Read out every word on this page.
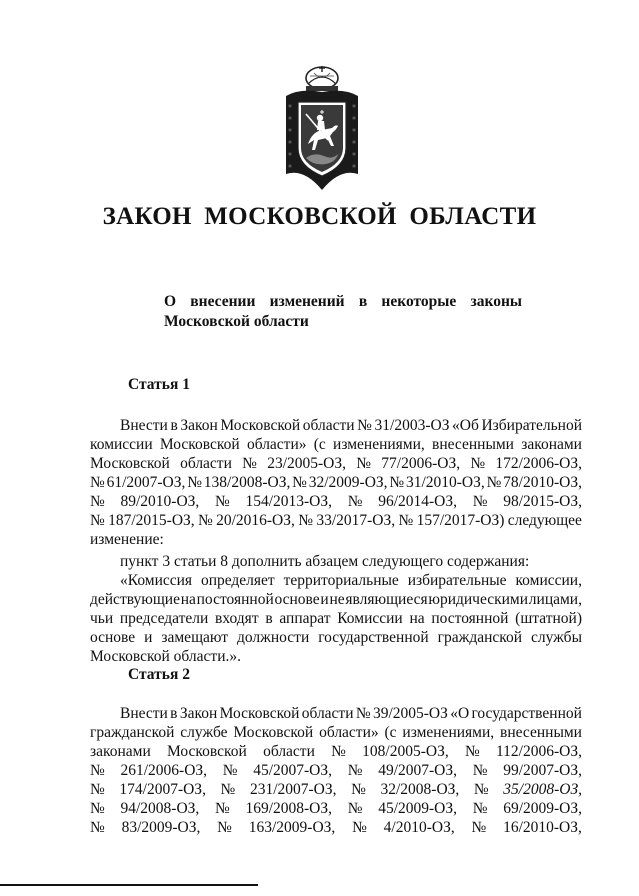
ЗАКОН МОСКОВСКОЙ ОБЛАСТИ

О внесении изменений в некоторые законы
Московской области

Статья 1
Внести в Закон Московской области № 31/2003-ОЗ «Об Избирательной
комиссии Московской области» (с изменениями, внесенными законами
Московской области № 23/2005-ОЗ, № 77/2006-ОЗ, № 172/2006-ОЗ,
№ 61/2007-ОЗ, № 138/2008-ОЗ, № 32/2009-ОЗ, № 31/2010-ОЗ, № 78/2010-ОЗ,
№ 89/2010-ОЗ, № 154/2013-ОЗ, № 96/2014-ОЗ, № 98/2015-ОЗ,
№ 187/2015-ОЗ, № 20/2016-ОЗ, № 33/2017-ОЗ, № 157/2017-ОЗ) следующее
изменение:
пункт 3 статьи 8 дополнить абзацем следующего содержания:
«Комиссия определяет территориальные избирательные комиссии,
действующие на постоянной основе и не являющиеся юридическими лицами,
чьи председатели входят в аппарат Комиссии на постоянной (штатной)
основе и замещают должности государственной гражданской службы
Московской области.».
Статья 2
Внести в Закон Московской области № 39/2005-ОЗ «О государственной
гражданской службе Московской области» (с изменениями, внесенными
законами Московской области № 108/2005-ОЗ, № 112/2006-ОЗ,
№ 261/2006-ОЗ, № 45/2007-ОЗ, № 49/2007-ОЗ, № 99/2007-ОЗ,
№ 174/2007-ОЗ, № 231/2007-ОЗ, № 32/2008-ОЗ, № 35/2008-ОЗ,
№ 94/2008-ОЗ, № 169/2008-ОЗ, № 45/2009-ОЗ, № 69/2009-ОЗ,
№ 83/2009-ОЗ, № 163/2009-ОЗ, № 4/2010-ОЗ, № 16/2010-ОЗ,
